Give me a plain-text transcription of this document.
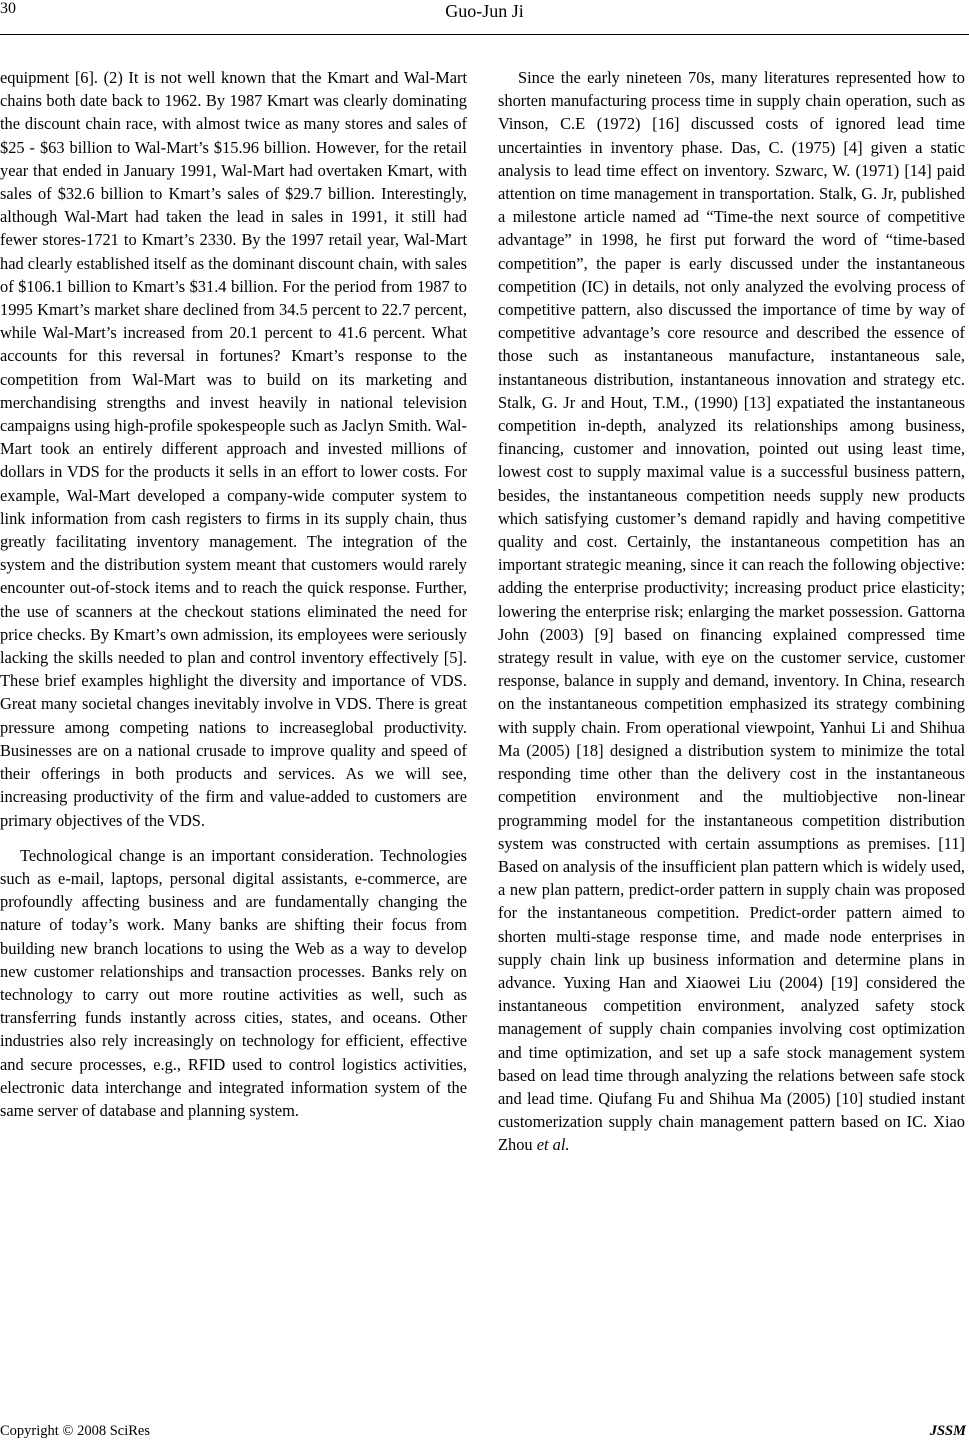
30	Guo-Jun Ji

equipment [6]. (2) It is not well known that the Kmart and Wal-Mart chains both date back to 1962. By 1987 Kmart was clearly dominating the discount chain race, with almost twice as many stores and sales of $25 - $63 billion to Wal-Mart’s $15.96 billion. However, for the retail year that ended in January 1991, Wal-Mart had overtaken Kmart, with sales of $32.6 billion to Kmart’s sales of $29.7 billion. Interestingly, although Wal-Mart had taken the lead in sales in 1991, it still had fewer stores-1721 to Kmart’s 2330. By the 1997 retail year, Wal-Mart had clearly established itself as the dominant discount chain, with sales of $106.1 billion to Kmart’s $31.4 billion. For the period from 1987 to 1995 Kmart’s market share declined from 34.5 percent to 22.7 percent, while Wal-Mart’s increased from 20.1 percent to 41.6 percent. What accounts for this reversal in fortunes? Kmart’s response to the competition from Wal-Mart was to build on its marketing and merchandising strengths and invest heavily in national television campaigns using high-profile spokespeople such as Jaclyn Smith. Wal-Mart took an entirely different approach and invested millions of dollars in VDS for the products it sells in an effort to lower costs. For example, Wal-Mart developed a company-wide computer system to link information from cash registers to firms in its supply chain, thus greatly facilitating inventory management. The integration of the system and the distribution system meant that customers would rarely encounter out-of-stock items and to reach the quick response. Further, the use of scanners at the checkout stations eliminated the need for price checks. By Kmart’s own admission, its employees were seriously lacking the skills needed to plan and control inventory effectively [5]. These brief examples highlight the diversity and importance of VDS. Great many societal changes inevitably involve in VDS. There is great pressure among competing nations to increaseglobal productivity. Businesses are on a national crusade to improve quality and speed of their offerings in both products and services. As we will see, increasing productivity of the firm and value-added to customers are primary objectives of the VDS.

Technological change is an important consideration. Technologies such as e-mail, laptops, personal digital assistants, e-commerce, are profoundly affecting business and are fundamentally changing the nature of today’s work. Many banks are shifting their focus from building new branch locations to using the Web as a way to develop new customer relationships and transaction processes. Banks rely on technology to carry out more routine activities as well, such as transferring funds instantly across cities, states, and oceans. Other industries also rely increasingly on technology for efficient, effective and secure processes, e.g., RFID used to control logistics activities, electronic data interchange and integrated information system of the same server of database and planning system.

Since the early nineteen 70s, many literatures represented how to shorten manufacturing process time in supply chain operation, such as Vinson, C.E (1972) [16] discussed costs of ignored lead time uncertainties in inventory phase. Das, C. (1975) [4] given a static analysis to lead time effect on inventory. Szwarc, W. (1971) [14] paid attention on time management in transportation. Stalk, G. Jr, published a milestone article named ad “Time-the next source of competitive advantage” in 1998, he first put forward the word of “time-based competition”, the paper is early discussed under the instantaneous competition (IC) in details, not only analyzed the evolving process of competitive pattern, also discussed the importance of time by way of competitive advantage’s core resource and described the essence of those such as instantaneous manufacture, instantaneous sale, instantaneous distribution, instantaneous innovation and strategy etc. Stalk, G. Jr and Hout, T.M., (1990) [13] expatiated the instantaneous competition in-depth, analyzed its relationships among business, financing, customer and innovation, pointed out using least time, lowest cost to supply maximal value is a successful business pattern, besides, the instantaneous competition needs supply new products which satisfying customer’s demand rapidly and having competitive quality and cost. Certainly, the instantaneous competition has an important strategic meaning, since it can reach the following objective: adding the enterprise productivity; increasing product price elasticity; lowering the enterprise risk; enlarging the market possession. Gattorna John (2003) [9] based on financing explained compressed time strategy result in value, with eye on the customer service, customer response, balance in supply and demand, inventory. In China, research on the instantaneous competition emphasized its strategy combining with supply chain. From operational viewpoint, Yanhui Li and Shihua Ma (2005) [18] designed a distribution system to minimize the total responding time other than the delivery cost in the instantaneous competition environment and the multiobjective non-linear programming model for the instantaneous competition distribution system was constructed with certain assumptions as premises. [11] Based on analysis of the insufficient plan pattern which is widely used, a new plan pattern, predict-order pattern in supply chain was proposed for the instantaneous competition. Predict-order pattern aimed to shorten multi-stage response time, and made node enterprises in supply chain link up business information and determine plans in advance. Yuxing Han and Xiaowei Liu (2004) [19] considered the instantaneous competition environment, analyzed safety stock management of supply chain companies involving cost optimization and time optimization, and set up a safe stock management system based on lead time through analyzing the relations between safe stock and lead time. Qiufang Fu and Shihua Ma (2005) [10] studied instant customerization supply chain management pattern based on IC. Xiao Zhou et al.

Copyright © 2008 SciRes	JSSM
